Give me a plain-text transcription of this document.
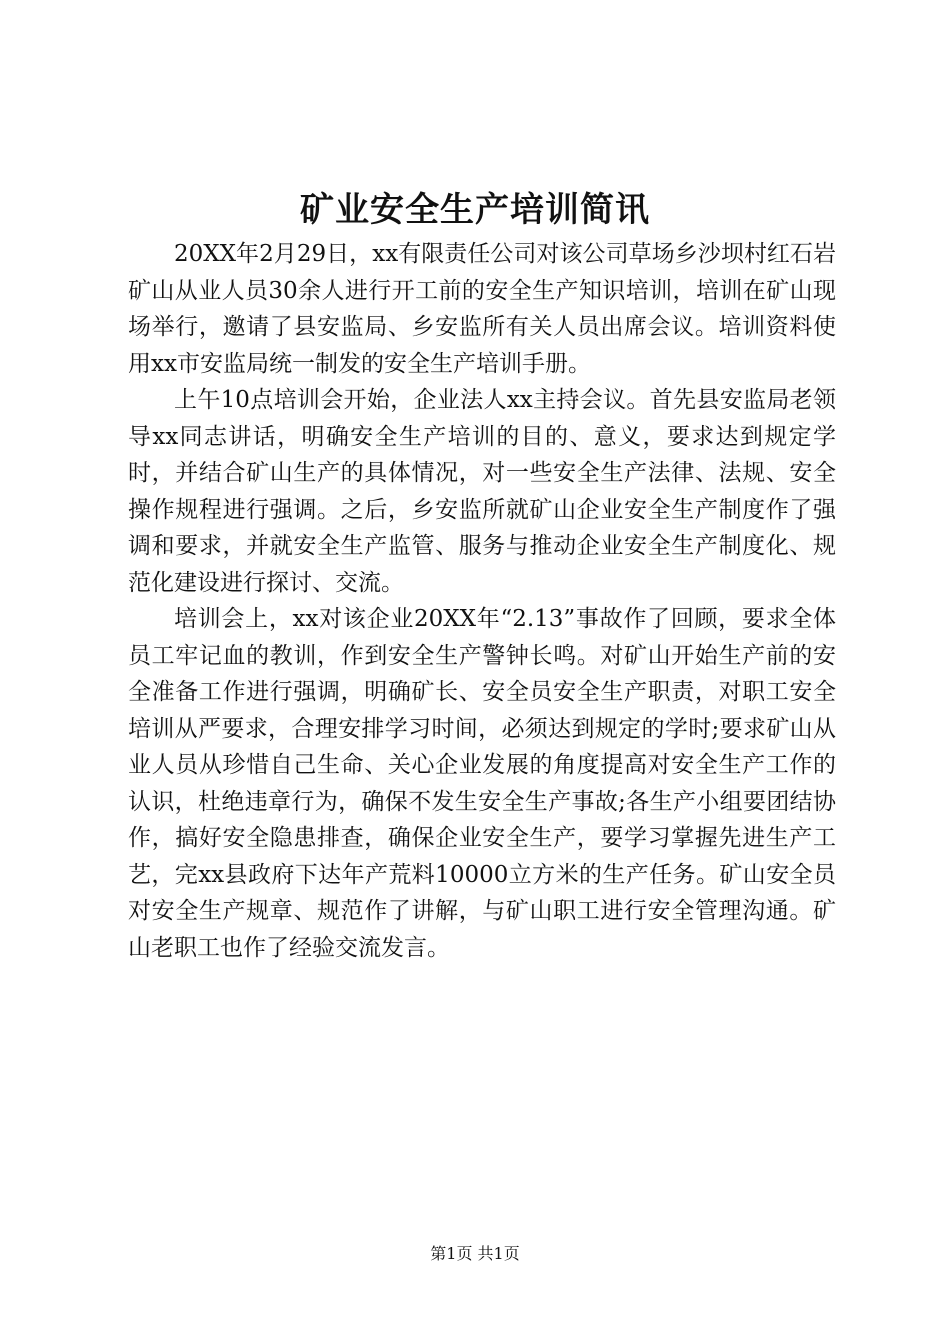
矿业安全生产培训简讯

20XX年2月29日，xx有限责任公司对该公司草场乡沙坝村红石岩矿山从业人员30余人进行开工前的安全生产知识培训，培训在矿山现场举行，邀请了县安监局、乡安监所有关人员出席会议。培训资料使用xx市安监局统一制发的安全生产培训手册。

上午10点培训会开始，企业法人xx主持会议。首先县安监局老领导xx同志讲话，明确安全生产培训的目的、意义，要求达到规定学时，并结合矿山生产的具体情况，对一些安全生产法律、法规、安全操作规程进行强调。之后，乡安监所就矿山企业安全生产制度作了强调和要求，并就安全生产监管、服务与推动企业安全生产制度化、规范化建设进行探讨、交流。

培训会上，xx对该企业20XX年“2.13”事故作了回顾，要求全体员工牢记血的教训，作到安全生产警钟长鸣。对矿山开始生产前的安全准备工作进行强调，明确矿长、安全员安全生产职责，对职工安全培训从严要求，合理安排学习时间，必须达到规定的学时;要求矿山从业人员从珍惜自己生命、关心企业发展的角度提高对安全生产工作的认识，杜绝违章行为，确保不发生安全生产事故;各生产小组要团结协作，搞好安全隐患排查，确保企业安全生产，要学习掌握先进生产工艺，完xx县政府下达年产荒料10000立方米的生产任务。矿山安全员对安全生产规章、规范作了讲解，与矿山职工进行安全管理沟通。矿山老职工也作了经验交流发言。

第1页 共1页
